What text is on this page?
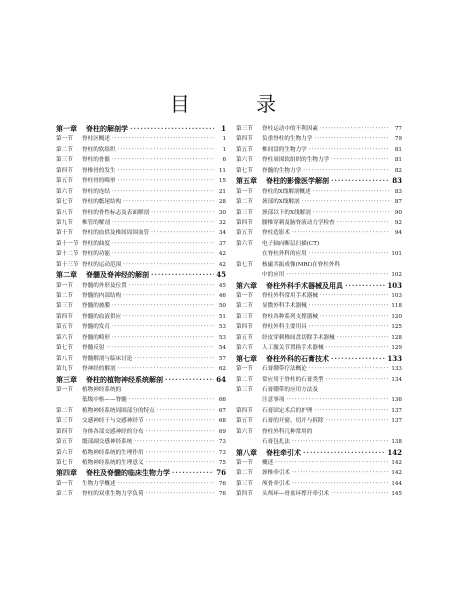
目 录
第一章	脊柱的解剖学 ·····	1
第一节	脊柱区概述 ·····	1
第二节	脊柱的软组织 ·····	1
第三节	脊柱的骨骼 ·····	6
第四节	脊椎骨的发生 ·····	11
第五节	脊柱骨的畸形 ·····	15
第六节	脊柱的连结 ·····	21
第七节	脊柱的骶尾结构 ·····	28
第八节	脊柱的骨性标志及表面解剖 ·····	30
第九节	椎管的解剖 ·····	32
第十节	脊柱的血供及椎间周围血管 ·····	34
第十一节 脊柱的曲度 ·····	37
第十二节 脊柱的功能 ·····	42
第十三节 脊柱的运动范围 ·····	42
第二章	脊髓及脊神经的解剖 ·····	45
第一节	脊髓的外形及位置 ·····	45
第二节	脊髓的内部结构 ·····	46
第三节	脊髓的被膜 ·····	50
第四节	脊髓的血液供应 ·····	51
第五节	脊髓的发育 ·····	53
第六节	脊髓的畸形 ·····	53
第七节	脊髓反射 ·····	54
第八节	脊髓解剖与临床讨论 ·····	57
第九节	脊神经的解剖 ·····	62
第三章	脊柱的植物神经系统解剖 ·····	64
第一节	植物神经系统的
低级中枢——脊髓 ·····	66
第二节	植物神经系统周围部分的特点 ·····	67
第三节	交感神经干与交感神经节 ·····	68
第四节	身体各部交感神经的分布 ·····	69
第五节	骶部副交感神经系统 ·····	73
第六节	植物神经系统的生理作用 ·····	73
第七节	植物神经系统的生理意义 ·····	75
第四章	脊柱及脊髓的临床生物力学 ·····	76
第一节	生物力学概述 ·····	76
第二节	脊柱的双重生物力学负荷 ·····	76
第三节	脊柱运动中的不利因素 ·····	77
第四节	负重脊柱的生物力学 ·····	79
第五节	椎间盘的生物力学 ·····	81
第六节	脊柱周围软组织的生物力学 ·····	81
第七节	脊髓的生物力学 ·····	82
第五章	脊柱的影像医学解剖 ·····	83
第一节	脊柱的X线解剖概述 ·····	83
第二节	颈部的X线解剖 ·····	87
第三节	颈部以下的X线解剖 ·····	90
第四节	腰椎穿刺及脑脊液动力学检查 ·····	92
第五节	脊柱造影术 ·····	94
第六节	电子轴向断层扫描(CT)
在脊柱外科的应用 ·····	101
第七节	核磁共振成像(MRI)在脊柱外科
中的应用 ·····	102
第六章	脊柱外科手术器械及用具 ·····	103
第一节	脊柱外科常用手术器械 ·····	103
第二节	显微外科手术器械 ·····	118
第三节	脊柱各种系列支撑器械 ·····	120
第四节	脊柱外科主要用具 ·····	125
第五节	经皮穿刺椎间盘切除手术器械 ·····	128
第六节	人工髋关节置换手术器械 ·····	129
第七章	脊柱外科的石膏技术 ·····	133
第一节	石膏绷带疗法概论 ·····	133
第二节	常应用于脊柱的石膏类型 ·····	134
第三节	石膏绷带的应用方法及
注意事项 ·····	136
第四节	石膏固定术后的护理 ·····	137
第五节	石膏的开窗、切开与拆除 ·····	137
第六节	脊柱外科几种常用的
石膏包扎法 ·····	138
第八章	脊柱牵引术 ·····	142
第一节	概述 ·····	142
第二节	颈椎牵引术 ·····	142
第三节	颅骨牵引术 ·····	144
第四节	头颅环—骨盆环撑开牵引术 ·····	145
